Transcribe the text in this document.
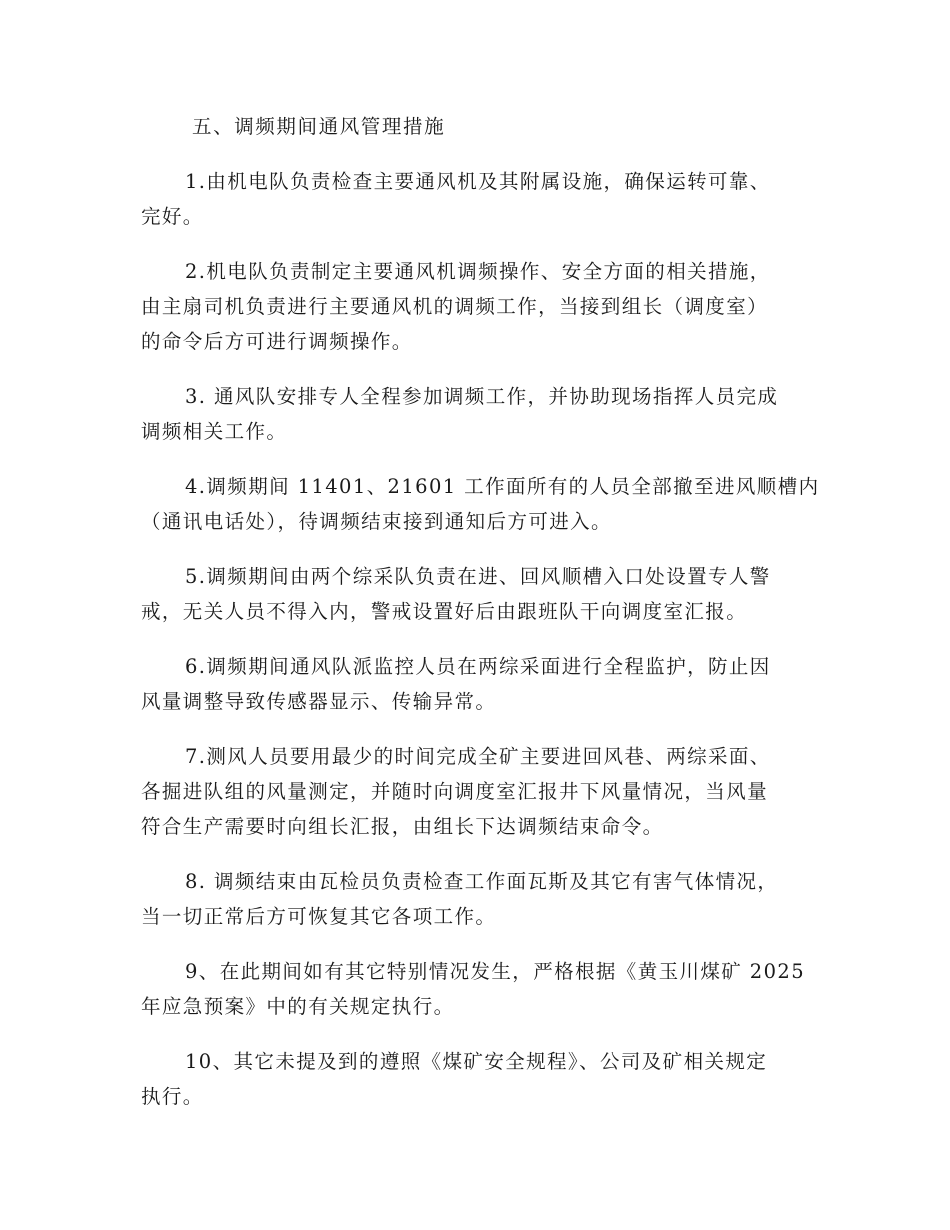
五、调频期间通风管理措施
1.由机电队负责检查主要通风机及其附属设施，确保运转可靠、
完好。
2.机电队负责制定主要通风机调频操作、安全方面的相关措施，
由主扇司机负责进行主要通风机的调频工作，当接到组长（调度室）
的命令后方可进行调频操作。
3. 通风队安排专人全程参加调频工作，并协助现场指挥人员完成
调频相关工作。
4.调频期间 11401、21601 工作面所有的人员全部撤至进风顺槽内
（通讯电话处），待调频结束接到通知后方可进入。
5.调频期间由两个综采队负责在进、回风顺槽入口处设置专人警
戒，无关人员不得入内，警戒设置好后由跟班队干向调度室汇报。
6.调频期间通风队派监控人员在两综采面进行全程监护，防止因
风量调整导致传感器显示、传输异常。
7.测风人员要用最少的时间完成全矿主要进回风巷、两综采面、
各掘进队组的风量测定，并随时向调度室汇报井下风量情况，当风量
符合生产需要时向组长汇报，由组长下达调频结束命令。
8. 调频结束由瓦检员负责检查工作面瓦斯及其它有害气体情况，
当一切正常后方可恢复其它各项工作。
9、在此期间如有其它特别情况发生，严格根据《黄玉川煤矿 2025
年应急预案》中的有关规定执行。
10、其它未提及到的遵照《煤矿安全规程》、公司及矿相关规定
执行。
